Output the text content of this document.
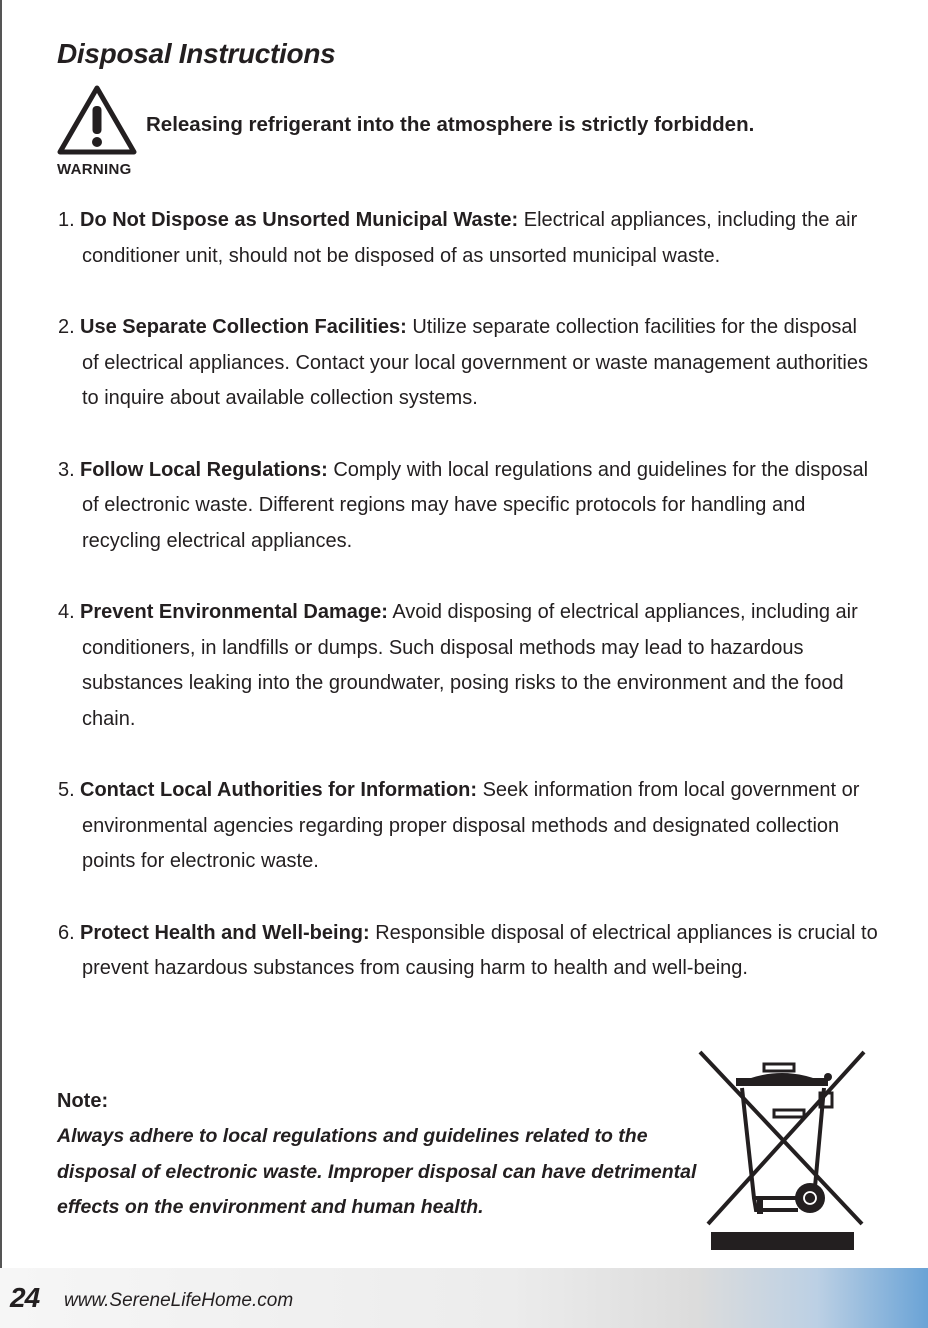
Disposal Instructions
WARNING
Releasing refrigerant into the atmosphere is strictly forbidden.
1. Do Not Dispose as Unsorted Municipal Waste: Electrical appliances, including the air conditioner unit, should not be disposed of as unsorted municipal waste.
2. Use Separate Collection Facilities: Utilize separate collection facilities for the disposal of electrical appliances. Contact your local government or waste management authorities to inquire about available collection systems.
3. Follow Local Regulations: Comply with local regulations and guidelines for the disposal of electronic waste. Different regions may have specific protocols for handling and recycling electrical appliances.
4. Prevent Environmental Damage: Avoid disposing of electrical appliances, including air conditioners, in landfills or dumps. Such disposal methods may lead to hazardous substances leaking into the groundwater, posing risks to the environment and the food chain.
5. Contact Local Authorities for Information: Seek information from local government or environmental agencies regarding proper disposal methods and designated collection points for electronic waste.
6. Protect Health and Well-being: Responsible disposal of electrical appliances is crucial to prevent hazardous substances from causing harm to health and well-being.
Note:
Always adhere to local regulations and guidelines related to the disposal of electronic waste. Improper disposal can have detrimental effects on the environment and human health.
24 www.SereneLifeHome.com
